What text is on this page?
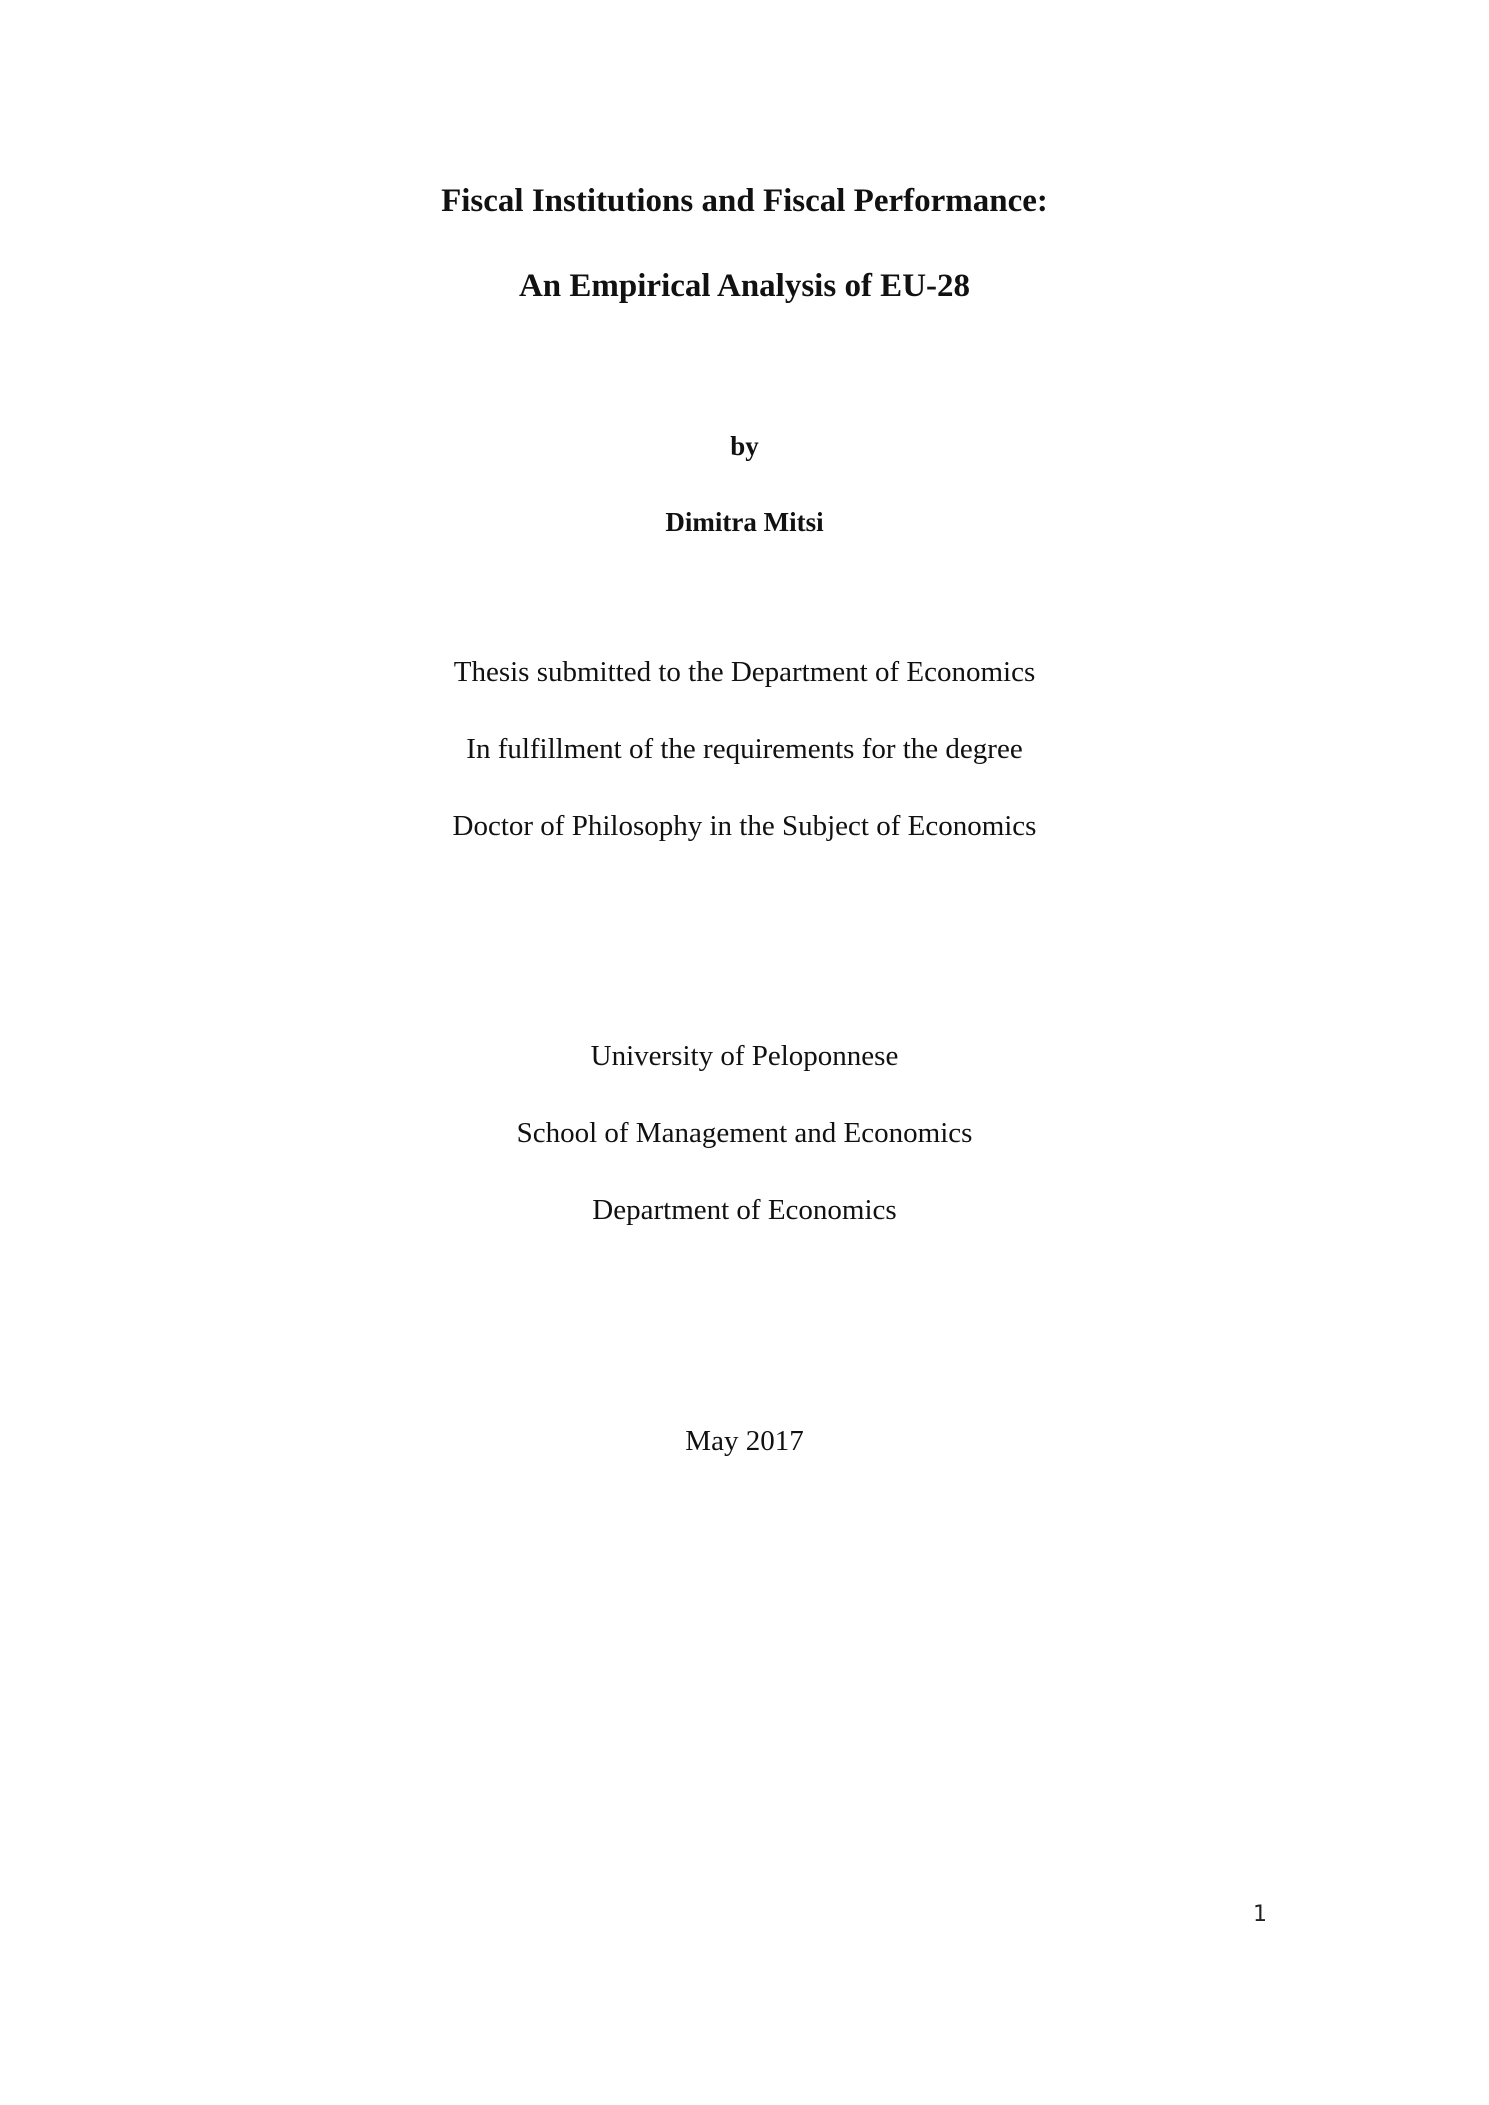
Fiscal Institutions and Fiscal Performance:
An Empirical Analysis of EU-28

by

Dimitra Mitsi

Thesis submitted to the Department of Economics

In fulfillment of the requirements for the degree

Doctor of Philosophy in the Subject of Economics

University of Peloponnese

School of Management and Economics

Department of Economics

May 2017

1
